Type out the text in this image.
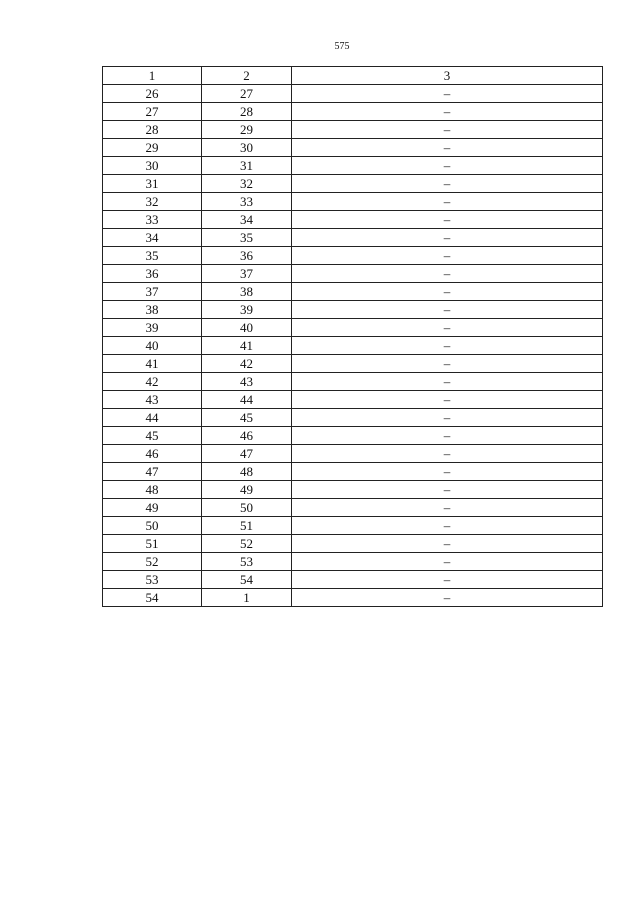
575
1	2	3
26	27	–
27	28	–
28	29	–
29	30	–
30	31	–
31	32	–
32	33	–
33	34	–
34	35	–
35	36	–
36	37	–
37	38	–
38	39	–
39	40	–
40	41	–
41	42	–
42	43	–
43	44	–
44	45	–
45	46	–
46	47	–
47	48	–
48	49	–
49	50	–
50	51	–
51	52	–
52	53	–
53	54	–
54	1	–
